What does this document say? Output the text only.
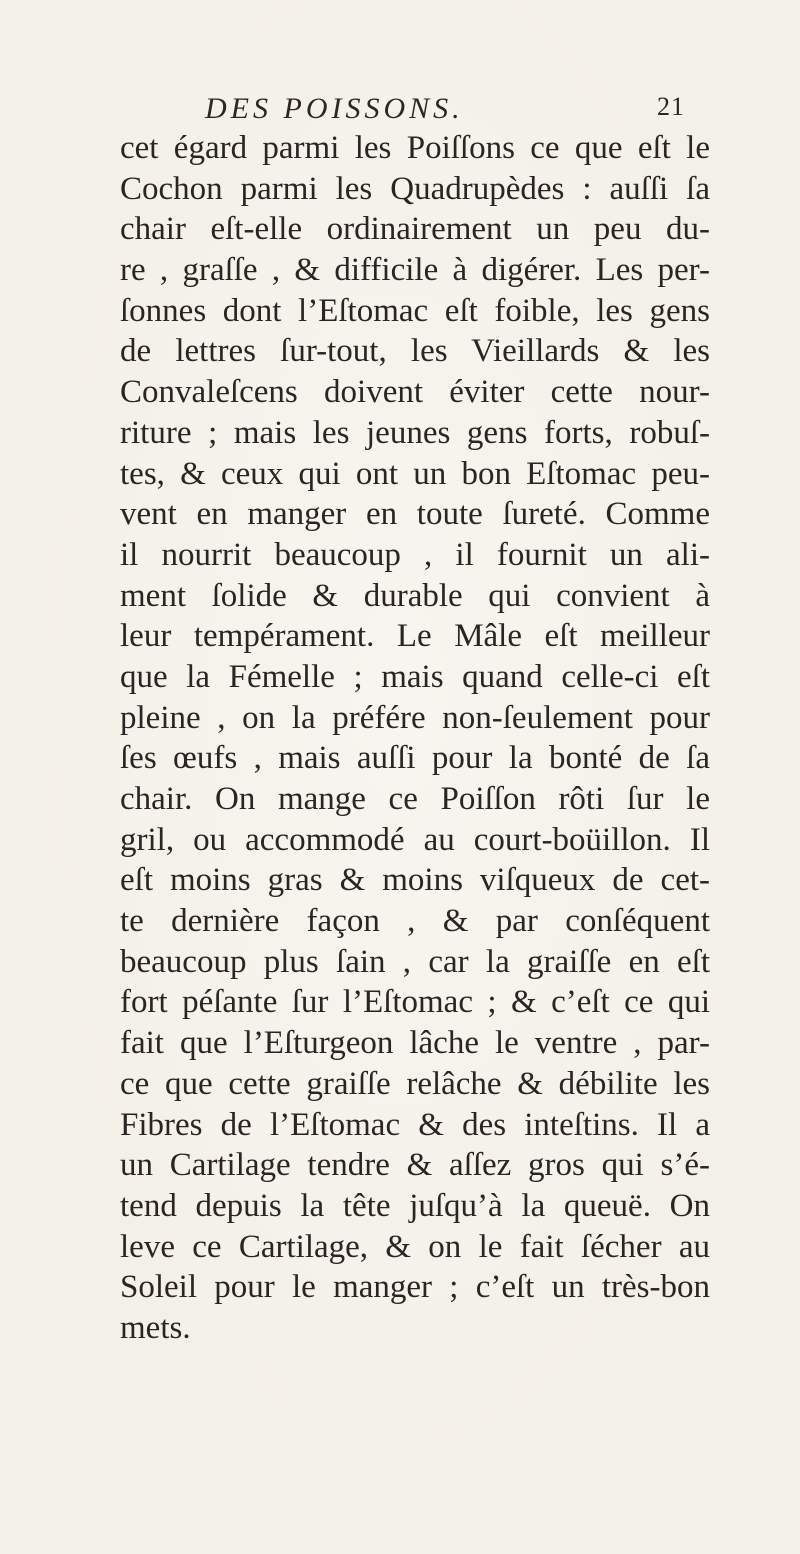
DES POISSONS.	21
cet égard parmi les Poiſſons ce que eſt le
Cochon parmi les Quadrupèdes : auſſi ſa
chair eſt-elle ordinairement un peu du-
re , graſſe , & difficile à digérer. Les per-
ſonnes dont l’Eſtomac eſt foible, les gens
de lettres ſur-tout, les Vieillards & les
Convaleſcens doivent éviter cette nour-
riture ; mais les jeunes gens forts, robuſ-
tes, & ceux qui ont un bon Eſtomac peu-
vent en manger en toute ſureté. Comme
il nourrit beaucoup , il fournit un ali-
ment ſolide & durable qui convient à
leur tempérament. Le Mâle eſt meilleur
que la Fémelle ; mais quand celle-ci eſt
pleine , on la préfére non-ſeulement pour
ſes œufs , mais auſſi pour la bonté de ſa
chair. On mange ce Poiſſon rôti ſur le
gril, ou accommodé au court-boüillon. Il
eſt moins gras & moins viſqueux de cet-
te dernière façon , & par conſéquent
beaucoup plus ſain , car la graiſſe en eſt
fort péſante ſur l’Eſtomac ; & c’eſt ce qui
fait que l’Eſturgeon lâche le ventre , par-
ce que cette graiſſe relâche & débilite les
Fibres de l’Eſtomac & des inteſtins. Il a
un Cartilage tendre & aſſez gros qui s’é-
tend depuis la tête juſqu’à la queuë. On
leve ce Cartilage, & on le fait ſécher au
Soleil pour le manger ; c’eſt un très-bon
mets.
